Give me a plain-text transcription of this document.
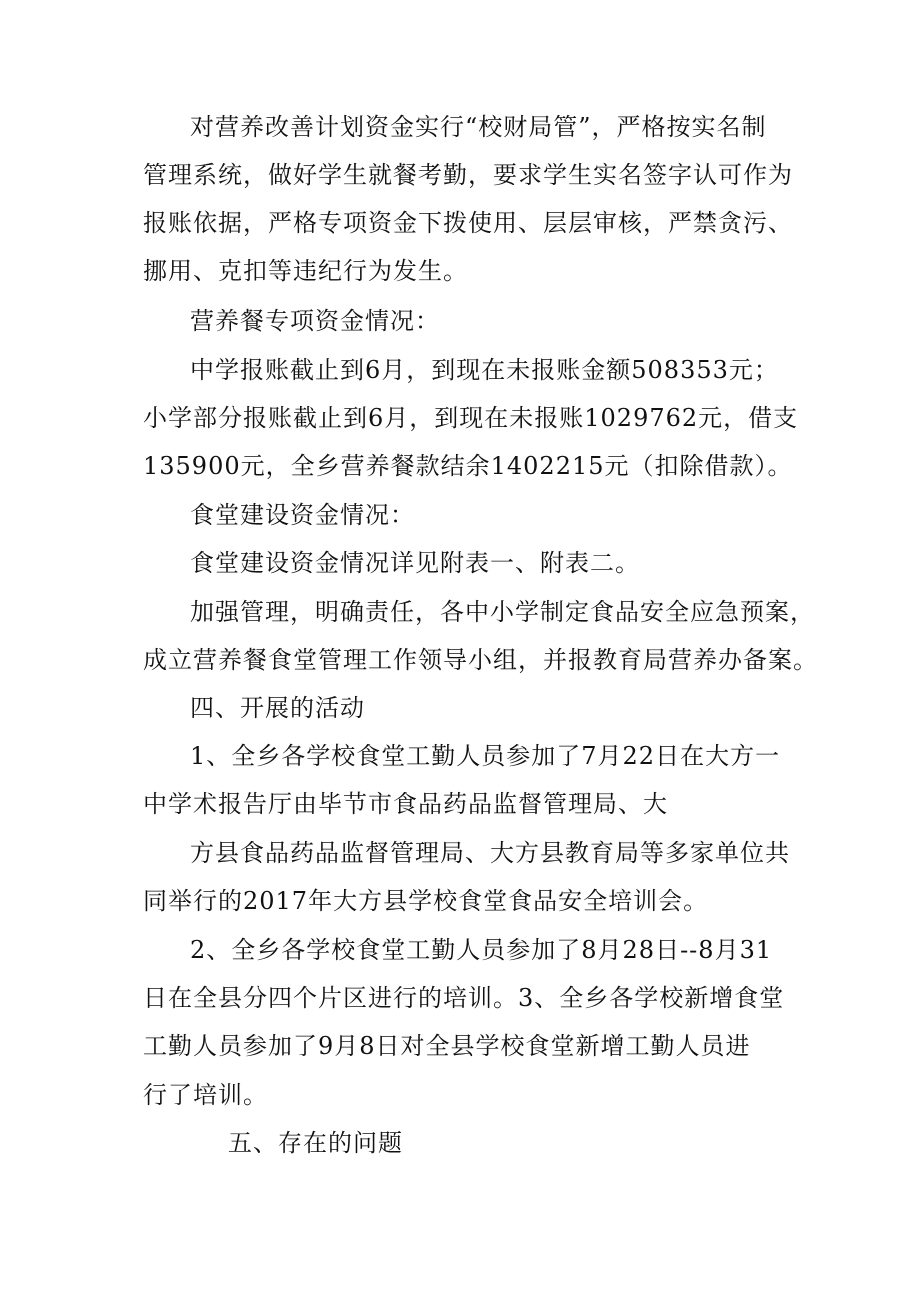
对营养改善计划资金实行“校财局管”，严格按实名制
管理系统，做好学生就餐考勤，要求学生实名签字认可作为
报账依据，严格专项资金下拨使用、层层审核，严禁贪污、
挪用、克扣等违纪行为发生。
营养餐专项资金情况：
中学报账截止到6月，到现在未报账金额508353元；
小学部分报账截止到6月，到现在未报账1029762元，借支
135900元，全乡营养餐款结余1402215元（扣除借款）。
食堂建设资金情况：
食堂建设资金情况详见附表一、附表二。
加强管理，明确责任，各中小学制定食品安全应急预案，
成立营养餐食堂管理工作领导小组，并报教育局营养办备案。
四、开展的活动
1、全乡各学校食堂工勤人员参加了7月22日在大方一
中学术报告厅由毕节市食品药品监督管理局、大
方县食品药品监督管理局、大方县教育局等多家单位共
同举行的2017年大方县学校食堂食品安全培训会。
2、全乡各学校食堂工勤人员参加了8月28日--8月31
日在全县分四个片区进行的培训。3、全乡各学校新增食堂
工勤人员参加了9月8日对全县学校食堂新增工勤人员进
行了培训。
五、存在的问题
